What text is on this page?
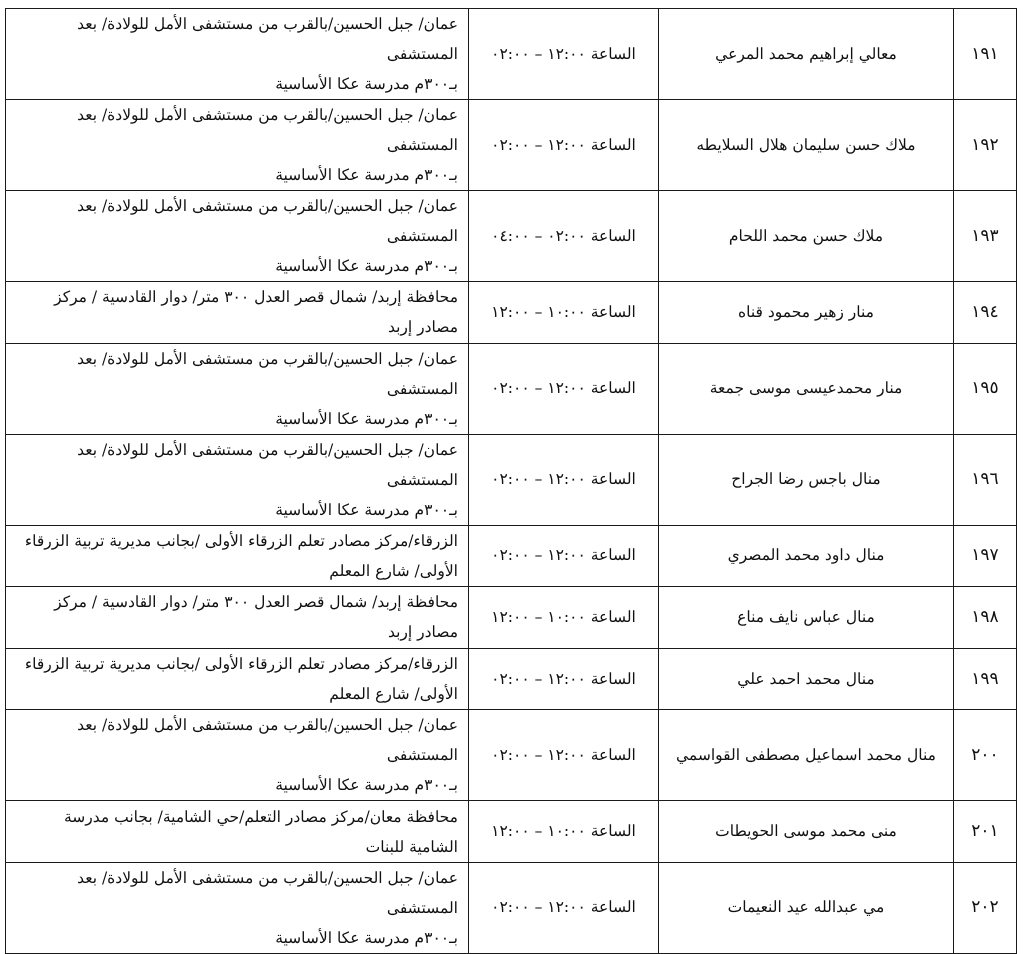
١٩١	معالي إبراهيم محمد المرعي	الساعة ١٢:٠٠ – ٠٢:٠٠	عمان/ جبل الحسين/بالقرب من مستشفى الأمل للولادة/ بعد المستشفى
بـ٣٠٠م مدرسة عكا الأساسية

١٩٢	ملاك حسن سليمان هلال السلايطه	الساعة ١٢:٠٠ – ٠٢:٠٠	عمان/ جبل الحسين/بالقرب من مستشفى الأمل للولادة/ بعد المستشفى
بـ٣٠٠م مدرسة عكا الأساسية

١٩٣	ملاك حسن محمد اللحام	الساعة ٠٢:٠٠ – ٠٤:٠٠	عمان/ جبل الحسين/بالقرب من مستشفى الأمل للولادة/ بعد المستشفى
بـ٣٠٠م مدرسة عكا الأساسية

١٩٤	منار زهير محمود قناه	الساعة ١٠:٠٠ – ١٢:٠٠	محافظة إربد/ شمال قصر العدل ٣٠٠ متر/ دوار القادسية / مركز
مصادر إربد

١٩٥	منار محمدعيسى موسى جمعة	الساعة ١٢:٠٠ – ٠٢:٠٠	عمان/ جبل الحسين/بالقرب من مستشفى الأمل للولادة/ بعد المستشفى
بـ٣٠٠م مدرسة عكا الأساسية

١٩٦	منال باجس رضا الجراح	الساعة ١٢:٠٠ – ٠٢:٠٠	عمان/ جبل الحسين/بالقرب من مستشفى الأمل للولادة/ بعد المستشفى
بـ٣٠٠م مدرسة عكا الأساسية

١٩٧	منال داود محمد المصري	الساعة ١٢:٠٠ – ٠٢:٠٠	الزرقاء/مركز مصادر تعلم الزرقاء الأولى /بجانب مديرية تربية الزرقاء
الأولى/ شارع المعلم

١٩٨	منال عباس نايف مناع	الساعة ١٠:٠٠ – ١٢:٠٠	محافظة إربد/ شمال قصر العدل ٣٠٠ متر/ دوار القادسية / مركز
مصادر إربد

١٩٩	منال محمد احمد علي	الساعة ١٢:٠٠ – ٠٢:٠٠	الزرقاء/مركز مصادر تعلم الزرقاء الأولى /بجانب مديرية تربية الزرقاء
الأولى/ شارع المعلم

٢٠٠	منال محمد اسماعيل مصطفى القواسمي	الساعة ١٢:٠٠ – ٠٢:٠٠	عمان/ جبل الحسين/بالقرب من مستشفى الأمل للولادة/ بعد المستشفى
بـ٣٠٠م مدرسة عكا الأساسية

٢٠١	منى محمد موسى الحويطات	الساعة ١٠:٠٠ – ١٢:٠٠	محافظة معان/مركز مصادر التعلم/حي الشامية/ بجانب مدرسة
الشامية للبنات

٢٠٢	مي عبدالله عيد النعيمات	الساعة ١٢:٠٠ – ٠٢:٠٠	عمان/ جبل الحسين/بالقرب من مستشفى الأمل للولادة/ بعد المستشفى
بـ٣٠٠م مدرسة عكا الأساسية
